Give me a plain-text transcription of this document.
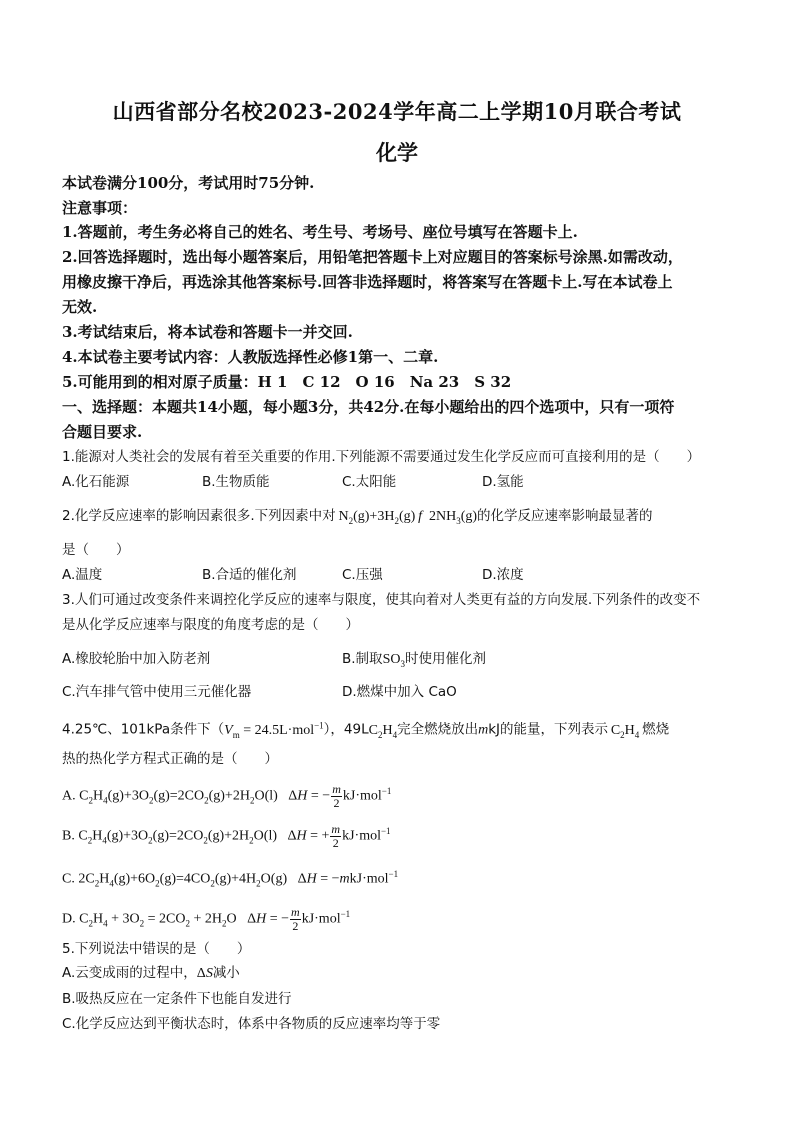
山西省部分名校2023-2024学年高二上学期10月联合考试
化学
本试卷满分100分，考试用时75分钟.
注意事项：
1.答题前，考生务必将自己的姓名、考生号、考场号、座位号填写在答题卡上.
2.回答选择题时，选出每小题答案后，用铅笔把答题卡上对应题目的答案标号涂黑.如需改动，
用橡皮擦干净后，再选涂其他答案标号.回答非选择题时，将答案写在答题卡上.写在本试卷上
无效.
3.考试结束后，将本试卷和答题卡一并交回.
4.本试卷主要考试内容：人教版选择性必修1第一、二章.
5.可能用到的相对原子质量：H 1　C 12　O 16　Na 23　S 32
一、选择题：本题共14小题，每小题3分，共42分.在每小题给出的四个选项中，只有一项符
合题目要求.
1.能源对人类社会的发展有着至关重要的作用.下列能源不需要通过发生化学反应而可直接利用的是（　　）
A.化石能源	B.生物质能	C.太阳能	D.氢能
2.化学反应速率的影响因素很多.下列因素中对 $N_2(g)+3H_2(g)$ f  $2NH_3(g)$的化学反应速率影响最显著的
是（　　）
A.温度	B.合适的催化剂	C.压强	D.浓度
3.人们可通过改变条件来调控化学反应的速率与限度，使其向着对人类更有益的方向发展.下列条件的改变不
是从化学反应速率与限度的角度考虑的是（　　）
A.橡胶轮胎中加入防老剂	B.制取$SO_3$时使用催化剂
C.汽车排气管中使用三元催化器	D.燃煤中加入 CaO
4.25℃、101kPa条件下$(V_m = 24.5L\cdot mol^{-1})$，$49LC_2H_4$完全燃烧放出mkJ的能量，下列表示 $C_2H_4$  燃烧
热的热化学方程式正确的是（　　）
A. $C_2H_4(g)+3O_2(g)=2CO_2(g)+2H_2O(l) \Delta H$ = − $\frac{m}{2} kJ\cdot mol^{-1}$
B. $C_2H_4(g)+3O_2(g)=2CO_2(g)+2H_2O(l) \Delta H$ = + $\frac{m}{2} kJ\cdot mol^{-1}$
C. $2C_2H_4(g)+6O_2(g)=4CO_2(g)+4H_2O(g) \Delta H = -mkJ\cdot mol^{-1}$
D. $C_2H_4 + 3O_2 = 2CO_2 + 2H_2O$   ΔH = − $\frac{m}{2} kJ\cdot mol^{-1}$
5.下列说法中错误的是（　　）
A.云变成雨的过程中，ΔS减小
B.吸热反应在一定条件下也能自发进行
C.化学反应达到平衡状态时，体系中各物质的反应速率均等于零
